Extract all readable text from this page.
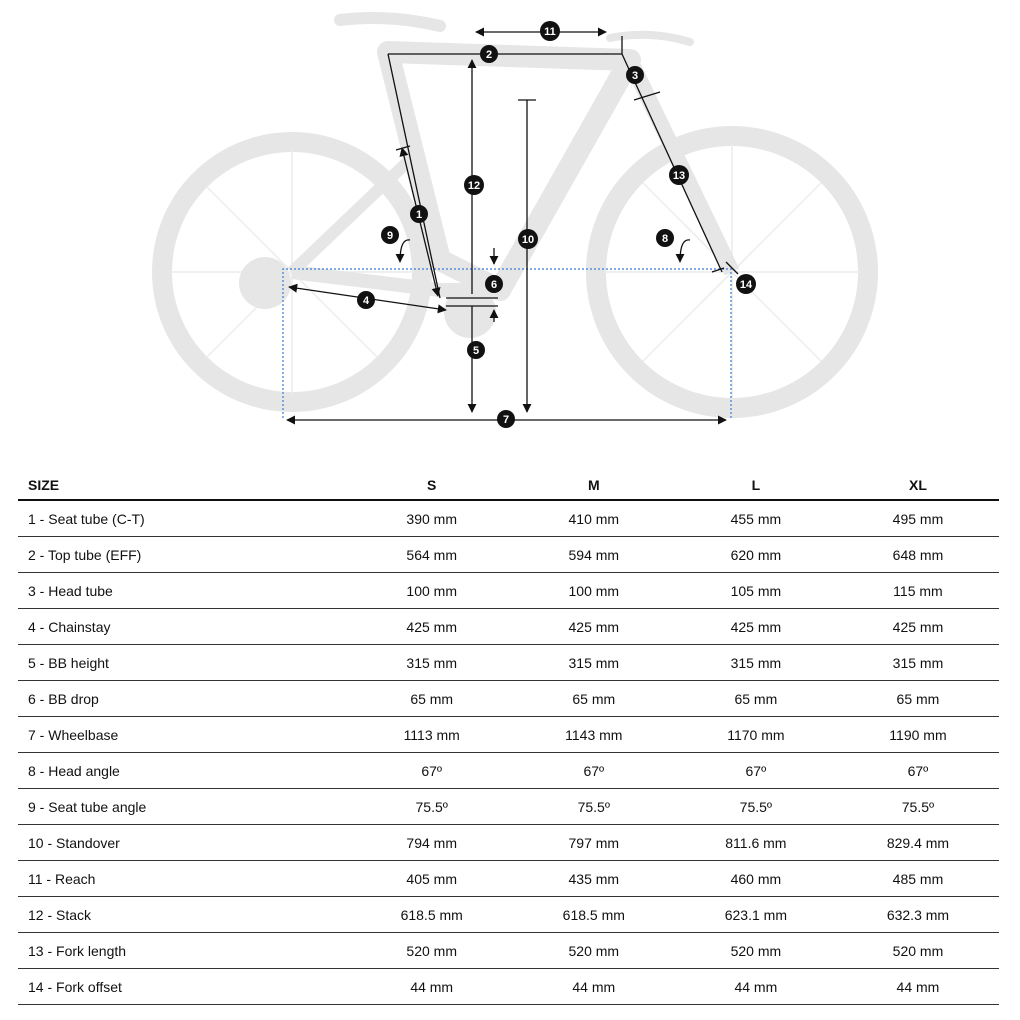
1
2
3
4
5
6
7
8
9	10
11
12
13
14
SIZE	S	M	L	XL
1 - Seat tube (C-T)	390 mm	410 mm	455 mm	495 mm
2 - Top tube (EFF)	564 mm	594 mm	620 mm	648 mm
3 - Head tube	100 mm	100 mm	105 mm	115 mm
4 - Chainstay	425 mm	425 mm	425 mm	425 mm
5 - BB height	315 mm	315 mm	315 mm	315 mm
6 - BB drop	65 mm	65 mm	65 mm	65 mm
7 - Wheelbase	1113 mm	1143 mm	1170 mm	1190 mm
8 - Head angle	67º	67º	67º	67º
9 - Seat tube angle	75.5º	75.5º	75.5º	75.5º
10 - Standover	794 mm	797 mm	811.6 mm	829.4 mm
11 - Reach	405 mm	435 mm	460 mm	485 mm
12 - Stack	618.5 mm	618.5 mm	623.1 mm	632.3 mm
13 - Fork length	520 mm	520 mm	520 mm	520 mm
14 - Fork offset	44 mm	44 mm	44 mm	44 mm
